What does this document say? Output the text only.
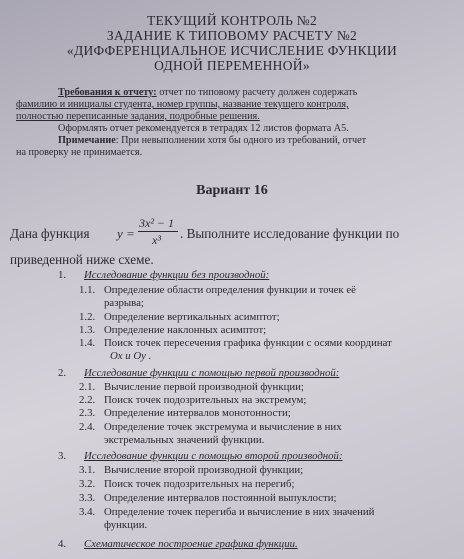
ТЕКУЩИЙ КОНТРОЛЬ №2
ЗАДАНИЕ К ТИПОВОМУ РАСЧЕТУ №2
«ДИФФЕРЕНЦИАЛЬНОЕ ИСЧИСЛЕНИЕ ФУНКЦИИ
ОДНОЙ ПЕРЕМЕННОЙ»
Требования к отчету: отчет по типовому расчету должен содержать
фамилию и инициалы студента, номер группы, название текущего контроля,
полностью переписанные задания, подробные решения.
Оформлять отчет рекомендуется в тетрадях 12 листов формата А5.
Примечание: При невыполнении хотя бы одного из требований, отчет
на проверку не принимается.
Вариант 16
Дана функция y =
3x² − 1
x³ . Выполните исследование функции по
приведенной ниже схеме.
1. Исследование функции без производной:
1.1. Определение области определения функции и точек её
разрыва;
1.2. Определение вертикальных асимптот;
1.3. Определение наклонных асимптот;
1.4. Поиск точек пересечения графика функции с осями координат
Ox и Oy .
2. Исследование функции с помощью первой производной:
2.1. Вычисление первой производной функции;
2.2. Поиск точек подозрительных на экстремум;
2.3. Определение интервалов монотонности;
2.4. Определение точек экстремума и вычисление в них
экстремальных значений функции.
3. Исследование функции с помощью второй производной:
3.1. Вычисление второй производной функции;
3.2. Поиск точек подозрительных на перегиб;
3.3. Определение интервалов постоянной выпуклости;
3.4. Определение точек перегиба и вычисление в них значений
функции.
4. Схематическое построение графика функции.
